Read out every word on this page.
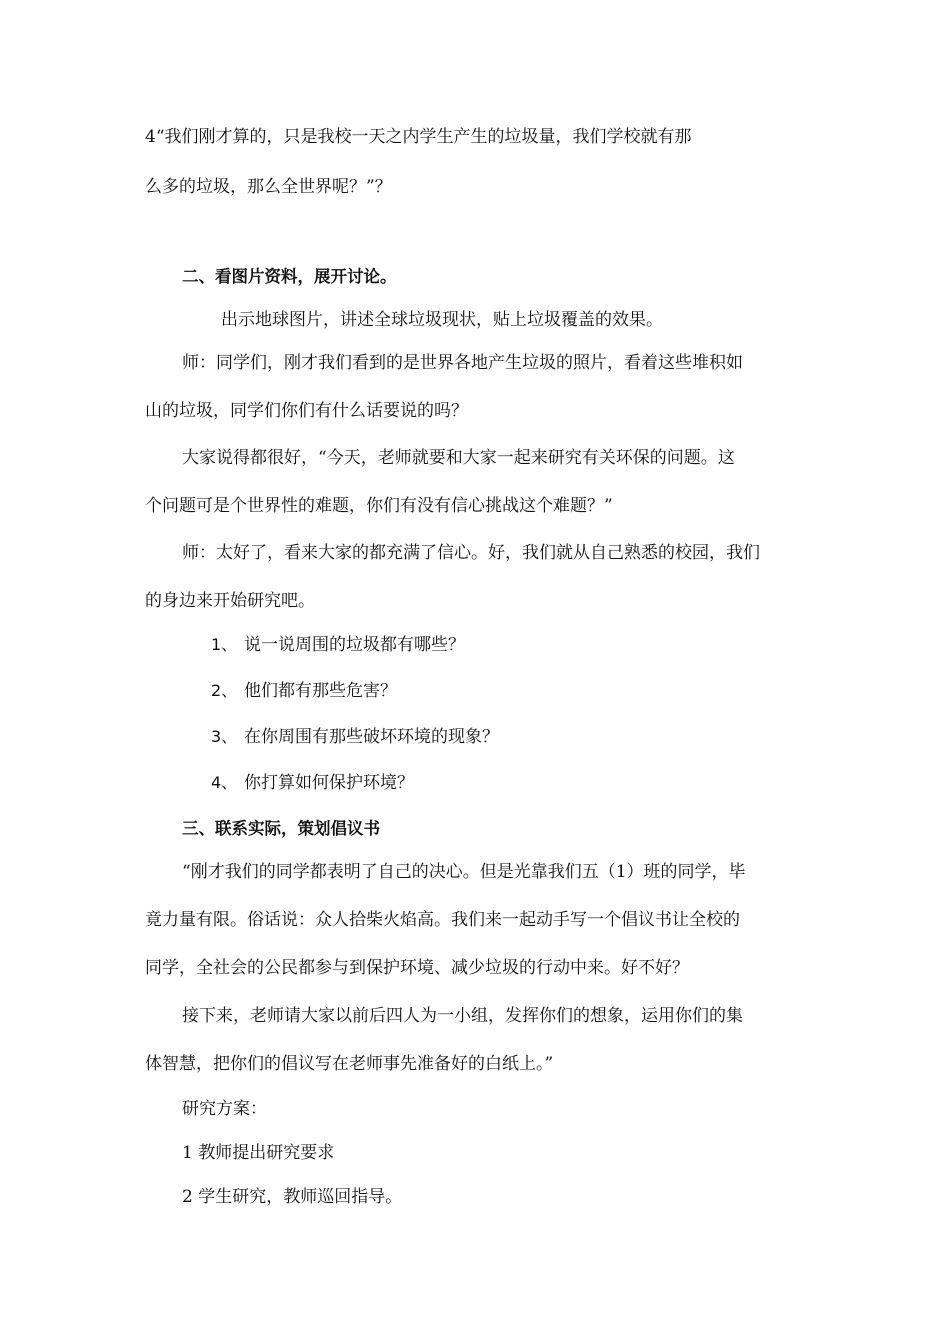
4“我们刚才算的，只是我校一天之内学生产生的垃圾量，我们学校就有那
么多的垃圾，那么全世界呢？”？
二、看图片资料，展开讨论。
出示地球图片，讲述全球垃圾现状，贴上垃圾覆盖的效果。
师：同学们，刚才我们看到的是世界各地产生垃圾的照片，看着这些堆积如
山的垃圾，同学们你们有什么话要说的吗？
大家说得都很好，“今天，老师就要和大家一起来研究有关环保的问题。这
个问题可是个世界性的难题，你们有没有信心挑战这个难题？”
师：太好了，看来大家的都充满了信心。好，我们就从自己熟悉的校园，我们
的身边来开始研究吧。
1、 说一说周围的垃圾都有哪些？
2、 他们都有那些危害？
3、 在你周围有那些破坏环境的现象？
4、 你打算如何保护环境？
三、联系实际，策划倡议书
“刚才我们的同学都表明了自己的决心。但是光靠我们五（1）班的同学，毕
竟力量有限。俗话说：众人拾柴火焰高。我们来一起动手写一个倡议书让全校的
同学，全社会的公民都参与到保护环境、减少垃圾的行动中来。好不好？
接下来，老师请大家以前后四人为一小组，发挥你们的想象，运用你们的集
体智慧，把你们的倡议写在老师事先准备好的白纸上。”
研究方案：
1 教师提出研究要求
2 学生研究，教师巡回指导。
